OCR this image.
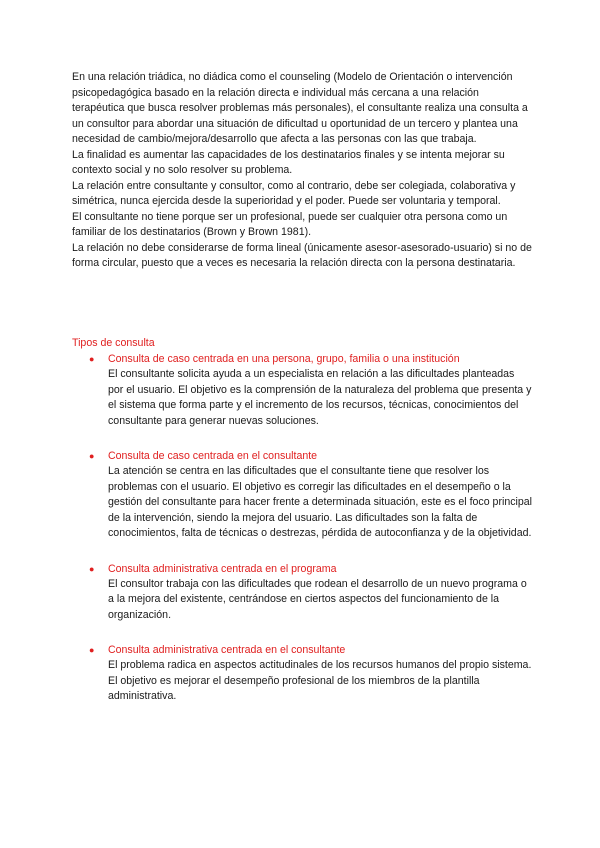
En una relación triádica, no diádica como el counseling (Modelo de Orientación o intervención psicopedagógica basado en la relación directa e individual más cercana a una relación terapéutica que busca resolver problemas más personales), el consultante realiza una consulta a un consultor para abordar una situación de dificultad u oportunidad de un tercero y plantea una necesidad de cambio/mejora/desarrollo que afecta a las personas con las que trabaja.

La finalidad es aumentar las capacidades de los destinatarios finales y se intenta mejorar su contexto social y no solo resolver su problema.

La relación entre consultante y consultor, como al contrario, debe ser colegiada, colaborativa y simétrica, nunca ejercida desde la superioridad y el poder. Puede ser voluntaria y temporal.

El consultante no tiene porque ser un profesional, puede ser cualquier otra persona como un familiar de los destinatarios (Brown y Brown 1981).

La relación no debe considerarse de forma lineal (únicamente asesor-asesorado-usuario) si no de forma circular, puesto que a veces es necesaria la relación directa con la persona destinataria.

Tipos de consulta
● Consulta de caso centrada en una persona, grupo, familia o una institución
El consultante solicita ayuda a un especialista en relación a las dificultades planteadas por el usuario. El objetivo es la comprensión de la naturaleza del problema que presenta y el sistema que forma parte y el incremento de los recursos, técnicas, conocimientos del consultante para generar nuevas soluciones.
● Consulta de caso centrada en el consultante
La atención se centra en las dificultades que el consultante tiene que resolver los problemas con el usuario. El objetivo es corregir las dificultades en el desempeño o la gestión del consultante para hacer frente a determinada situación, este es el foco principal de la intervención, siendo la mejora del usuario. Las dificultades son la falta de conocimientos, falta de técnicas o destrezas, pérdida de autoconfianza y de la objetividad.
● Consulta administrativa centrada en el programa
El consultor trabaja con las dificultades que rodean el desarrollo de un nuevo programa o a la mejora del existente, centrándose en ciertos aspectos del funcionamiento de la organización.
● Consulta administrativa centrada en el consultante
El problema radica en aspectos actitudinales de los recursos humanos del propio sistema. El objetivo es mejorar el desempeño profesional de los miembros de la plantilla administrativa.
